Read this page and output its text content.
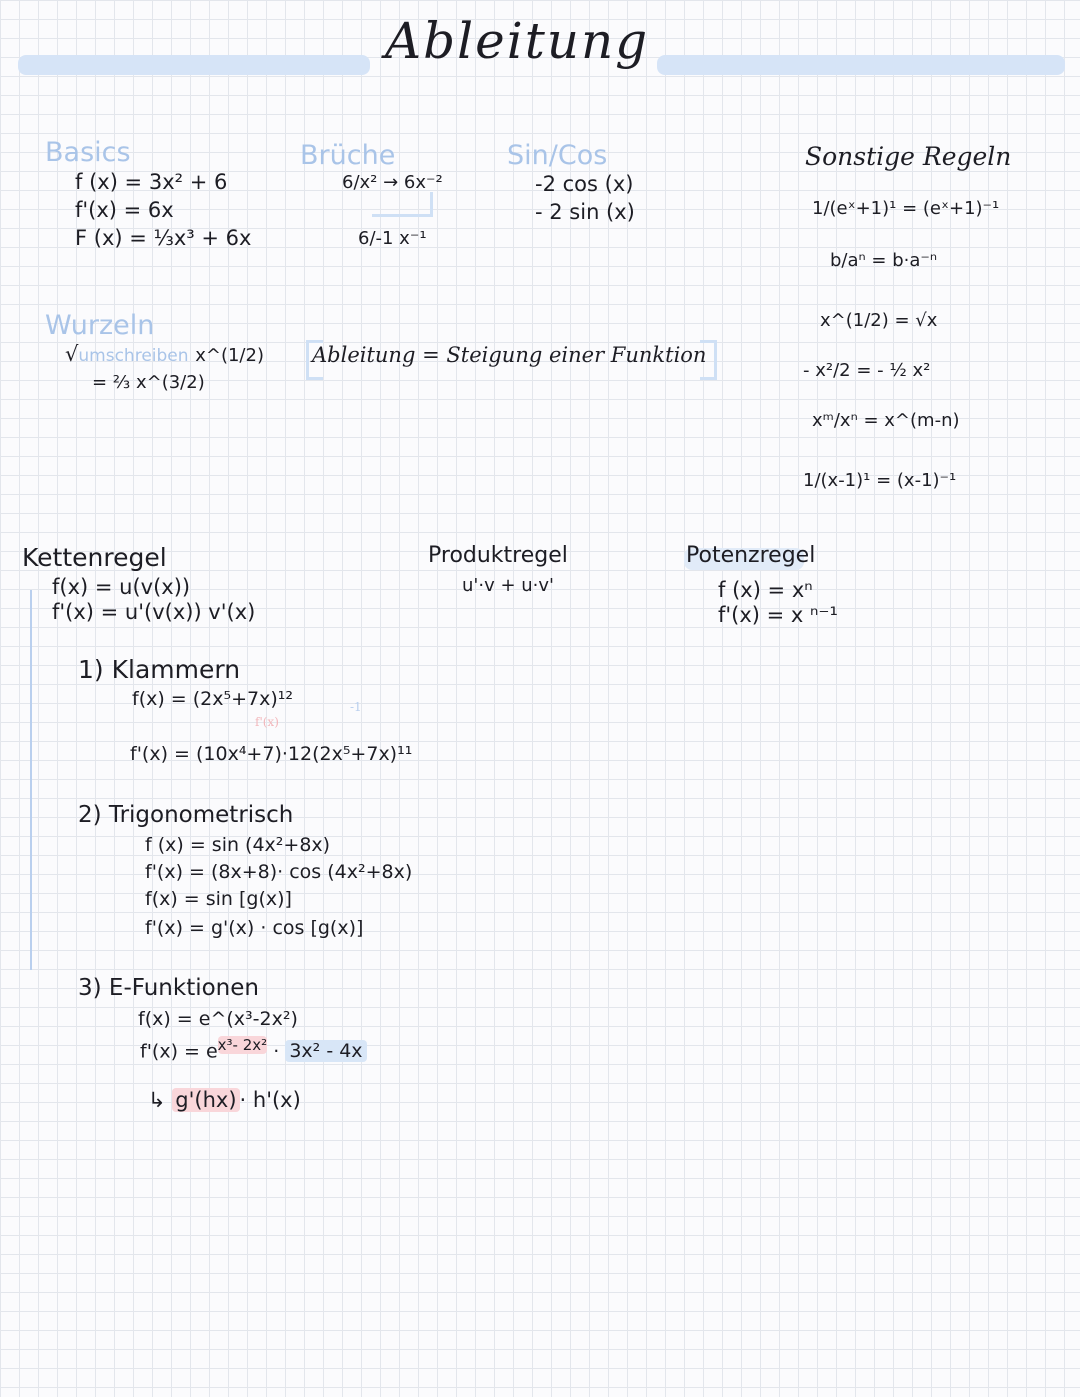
Ableitung
Basics
f (x) = 3x² + 6
f'(x) = 6x
F (x) = ⅓x³ + 6x
Brüche
6/x² → 6x⁻²
6/-1 x⁻¹
Sin/Cos
-2 cos (x)
- 2 sin (x)
Sonstige Regeln
1/(eˣ+1)¹ = (eˣ+1)⁻¹
b/aⁿ = b·a⁻ⁿ
x^(1/2) = √x
- x²/2 = - ½ x²
xᵐ/xⁿ = x^(m-n)
1/(x-1)¹ = (x-1)⁻¹
Wurzeln
√umschreiben x^(1/2)
= ⅔ x^(3/2)
Ableitung = Steigung einer Funktion
Kettenregel
f(x) = u(v(x))
f'(x) = u'(v(x)) v'(x)
Produktregel
u'·v + u·v'
Potenzregel
f (x) = xⁿ
f'(x) = x ⁿ⁻¹
1) Klammern
f(x) = (2x⁵+7x)¹²
f'(x)
-1
f'(x) = (10x⁴+7)·12(2x⁵+7x)¹¹
2) Trigonometrisch
f (x) = sin (4x²+8x)
f'(x) = (8x+8)· cos (4x²+8x)
f(x) = sin [g(x)]
f'(x) = g'(x) · cos [g(x)]
3) E-Funktionen
f(x) = e^(x³-2x²)
$f'(x) = e^{x^3- 2x^2} \cdot 3x^2 - 4x$
↳ g'(hx) · h'(x)
